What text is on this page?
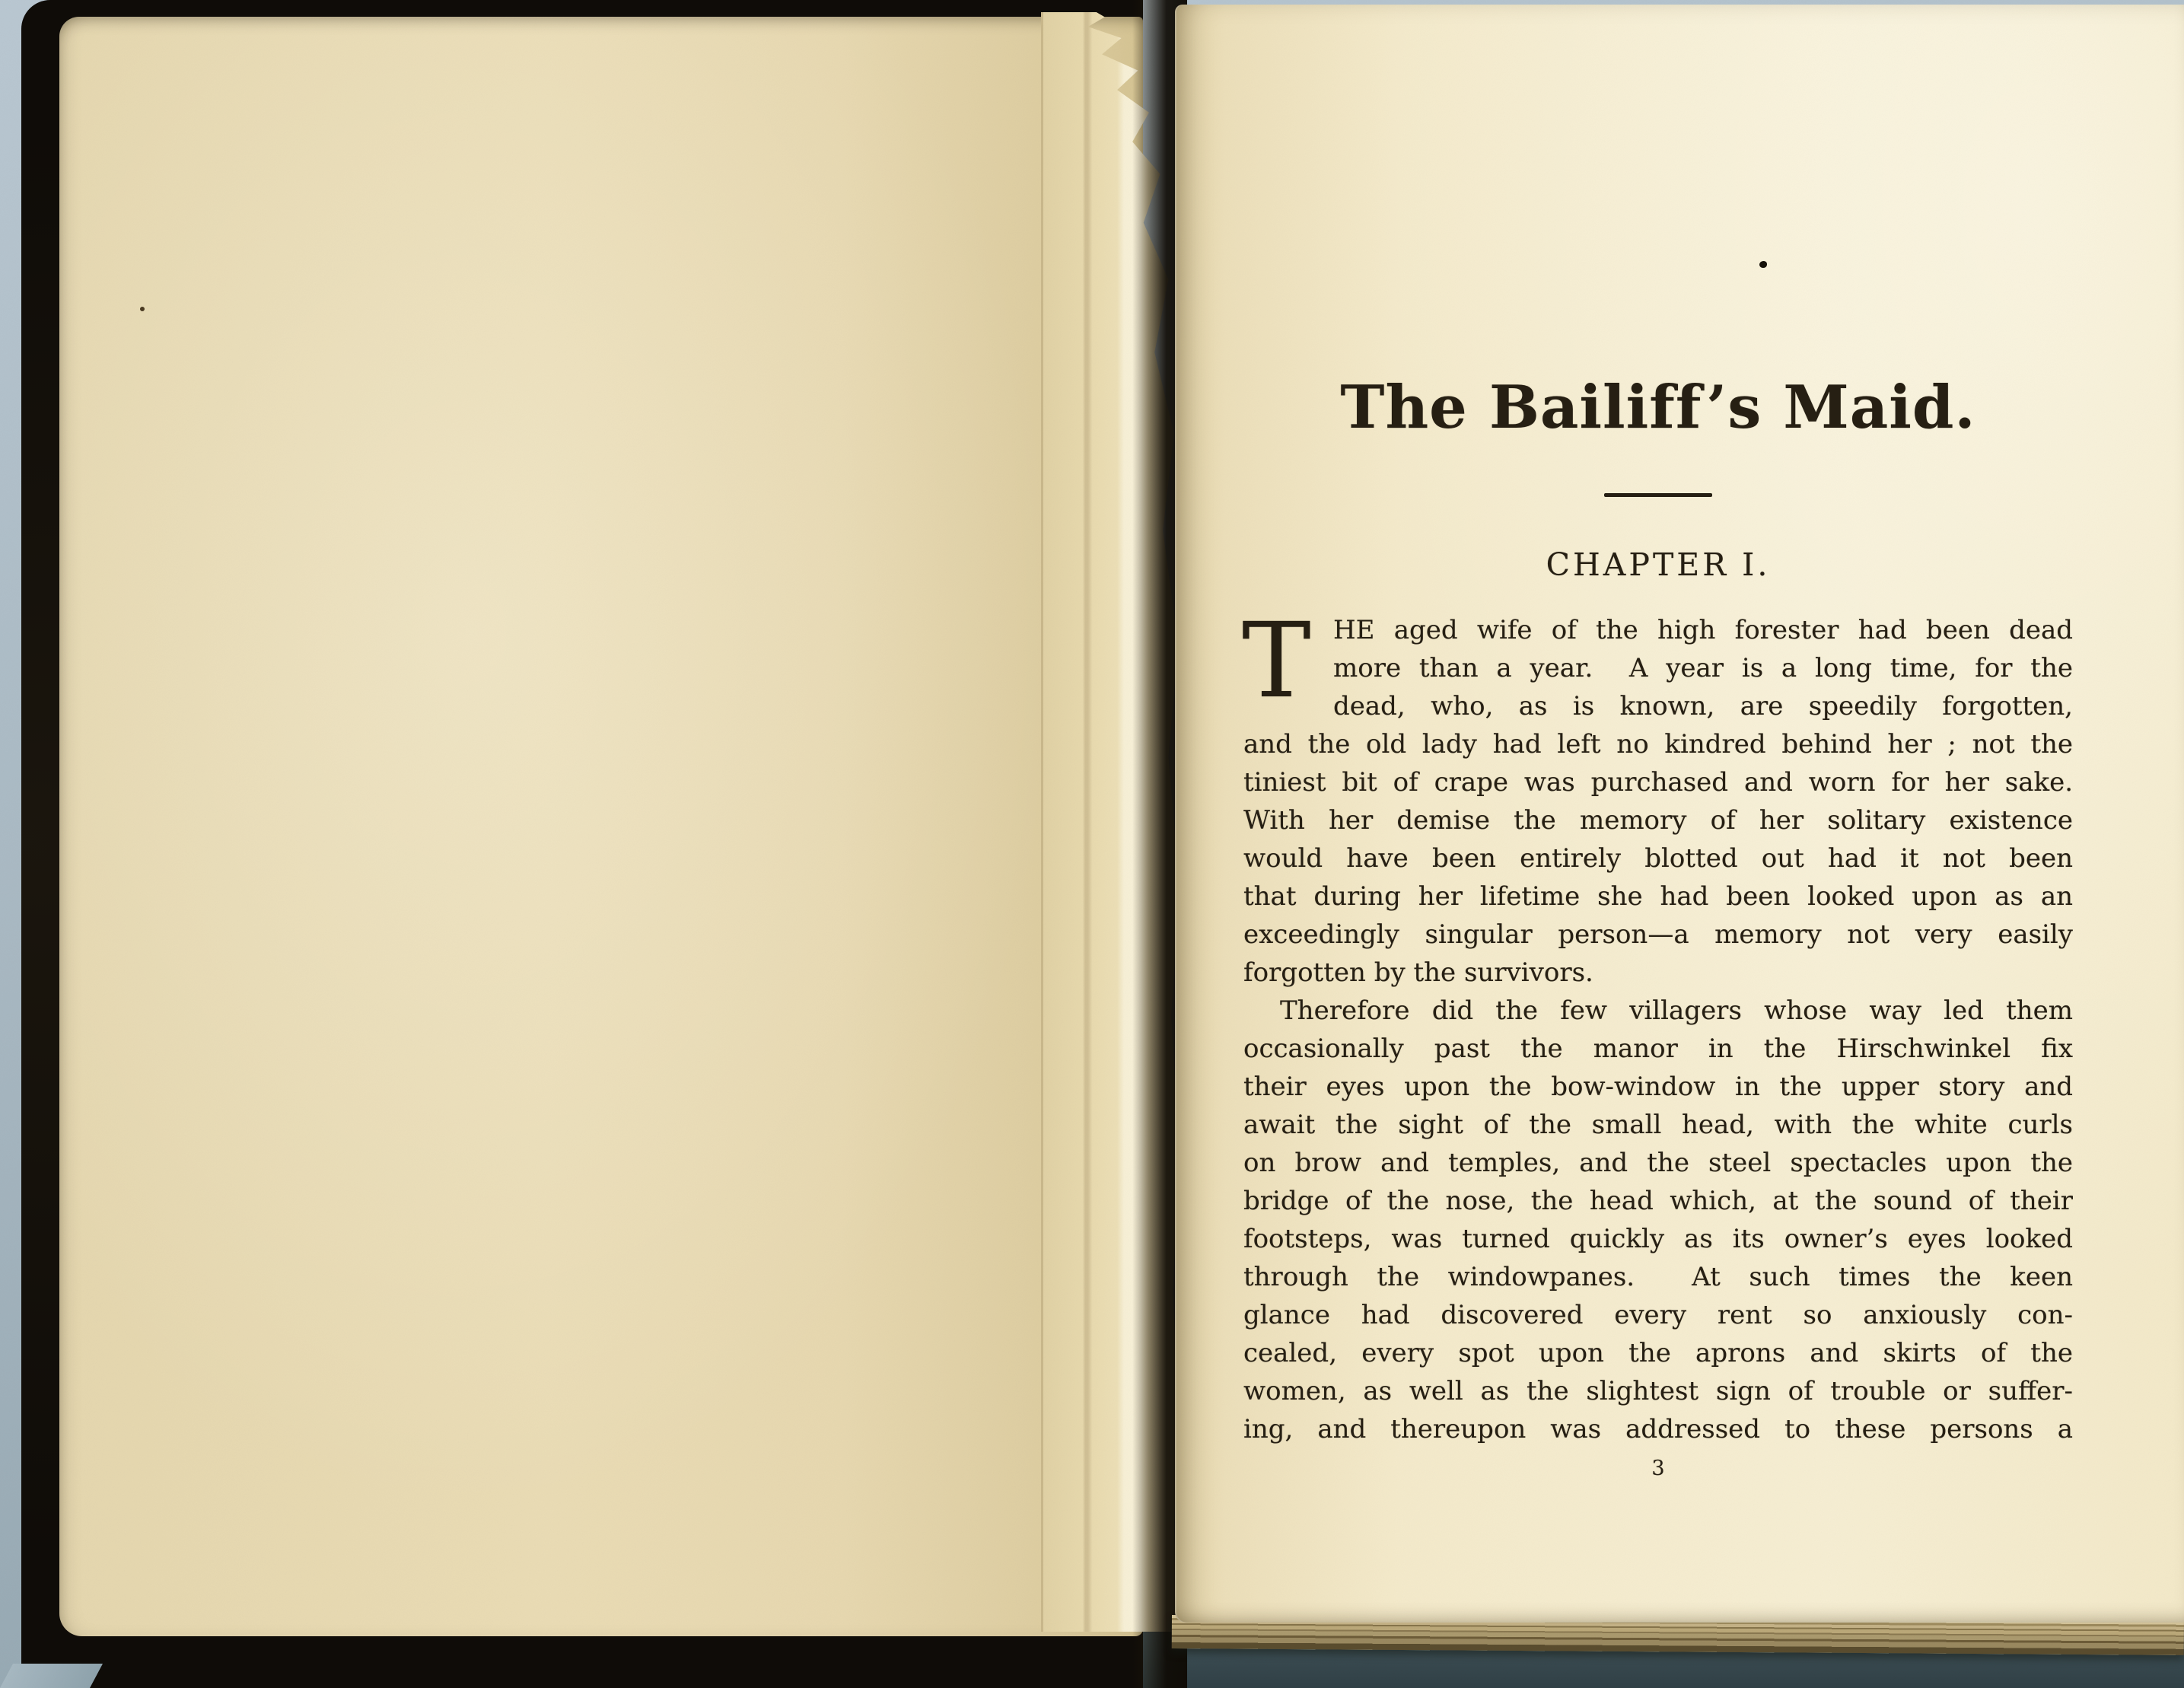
The Bailiff’s Maid.
CHAPTER I.
T HE aged wife of the high forester had been dead
more than a year.  A year is a long time, for the
dead, who, as is known, are speedily forgotten,
and the old lady had left no kindred behind her ; not the
tiniest bit of crape was purchased and worn for her sake.
With her demise the memory of her solitary existence
would have been entirely blotted out had it not been
that during her lifetime she had been looked upon as an
exceedingly singular person—a memory not very easily
forgotten by the survivors.
Therefore did the few villagers whose way led them
occasionally past the manor in the Hirschwinkel fix
their eyes upon the bow-window in the upper story and
await the sight of the small head, with the white curls
on brow and temples, and the steel spectacles upon the
bridge of the nose, the head which, at the sound of their
footsteps, was turned quickly as its owner’s eyes looked
through the windowpanes.  At such times the keen
glance had discovered every rent so anxiously con-
cealed, every spot upon the aprons and skirts of the
women, as well as the slightest sign of trouble or suffer-
ing, and thereupon was addressed to these persons a
3
